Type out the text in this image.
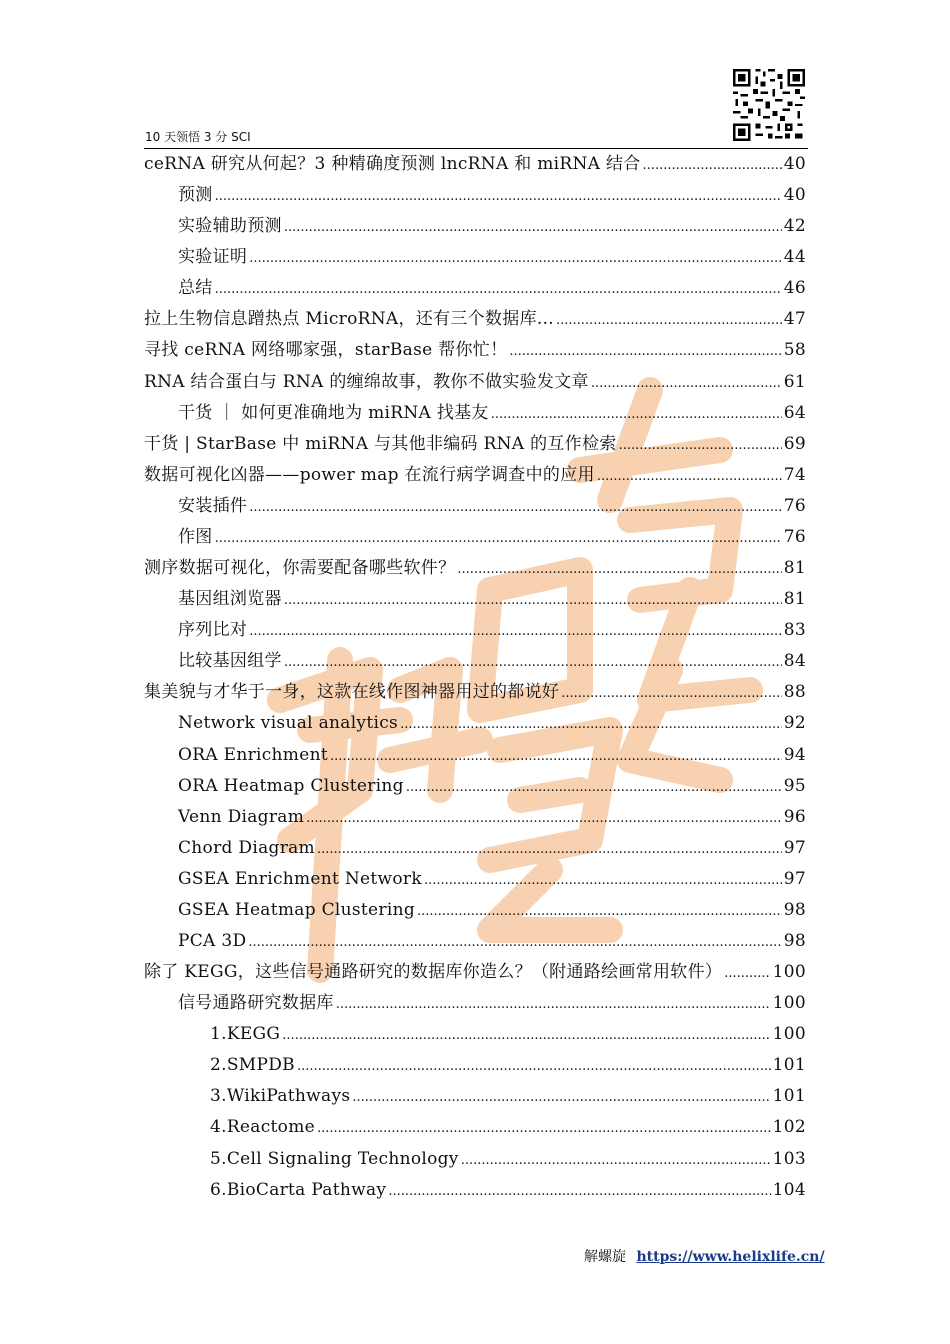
10 天领悟 3 分 SCI
ceRNA 研究从何起？3 种精确度预测 lncRNA 和 miRNA 结合 .....	40
预测 .....	40
实验辅助预测 .....	42
实验证明 .....	44
总结 .....	46
拉上生物信息蹭热点 MicroRNA，还有三个数据库... .....	47
寻找 ceRNA 网络哪家强，starBase 帮你忙！ .....	58
RNA 结合蛋白与 RNA 的缠绵故事，教你不做实验发文章 .....	61
干货 ｜ 如何更准确地为 miRNA 找基友 .....	64
干货 | StarBase 中 miRNA 与其他非编码 RNA 的互作检索 .....	69
数据可视化凶器——power map 在流行病学调查中的应用 .....	74
安装插件 .....	76
作图 .....	76
测序数据可视化，你需要配备哪些软件？ .....	81
基因组浏览器 .....	81
序列比对 .....	83
比较基因组学 .....	84
集美貌与才华于一身，这款在线作图神器用过的都说好 .....	88
Network visual analytics .....	92
ORA Enrichment .....	94
ORA Heatmap Clustering .....	95
Venn Diagram .....	96
Chord Diagram .....	97
GSEA Enrichment Network .....	97
GSEA Heatmap Clustering .....	98
PCA 3D .....	98
除了 KEGG，这些信号通路研究的数据库你造么？（附通路绘画常用软件） .....	100
信号通路研究数据库 .....	100
1.KEGG .....	100
2.SMPDB .....	101
3.WikiPathways .....	101
4.Reactome .....	102
5.Cell Signaling Technology .....	103
6.BioCarta Pathway .....	104
解螺旋 https://www.helixlife.cn/
